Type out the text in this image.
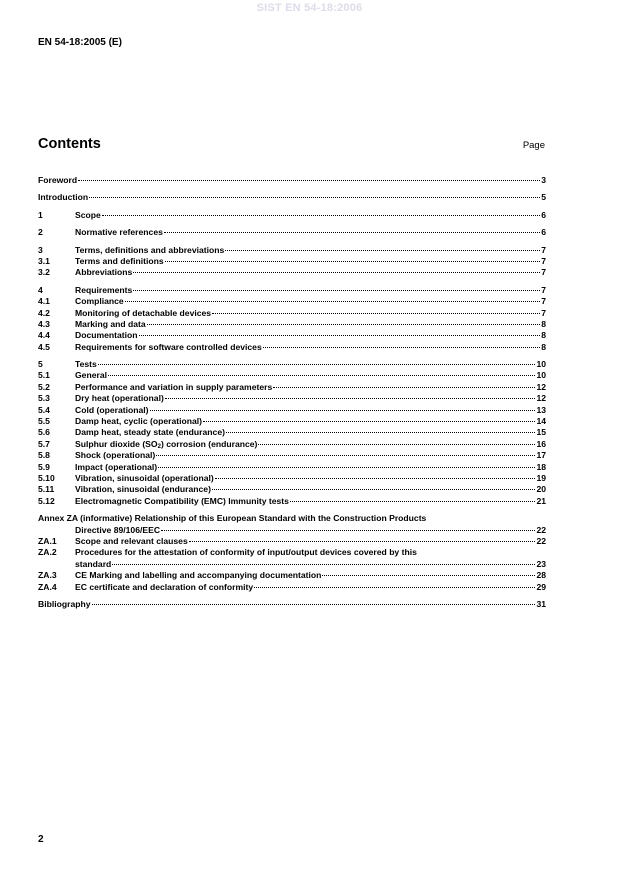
SIST EN 54-18:2006
EN 54-18:2005 (E)
Contents	Page
Foreword	3
Introduction	5
1	Scope	6
2	Normative references	6
3	Terms, definitions and abbreviations	7
3.1	Terms and definitions	7
3.2	Abbreviations	7
4	Requirements	7
4.1	Compliance	7
4.2	Monitoring of detachable devices	7
4.3	Marking and data	8
4.4	Documentation	8
4.5	Requirements for software controlled devices	8
5	Tests	10
5.1	General	10
5.2	Performance and variation in supply parameters	12
5.3	Dry heat (operational)	12
5.4	Cold (operational)	13
5.5	Damp heat, cyclic (operational)	14
5.6	Damp heat, steady state (endurance)	15
5.7	Sulphur dioxide $(SO_2)$ corrosion (endurance)	16
5.8	Shock (operational)	17
5.9	Impact (operational)	18
5.10	Vibration, sinusoidal (operational)	19
5.11	Vibration, sinusoidal (endurance)	20
5.12	Electromagnetic Compatibility (EMC) Immunity tests	21
Annex ZA (informative) Relationship of this European Standard with the Construction Products
Directive 89/106/EEC	22
ZA.1	Scope and relevant clauses	22
ZA.2	Procedures for the attestation of conformity of input/output devices covered by this
standard	23
ZA.3	CE Marking and labelling and accompanying documentation	28
ZA.4	EC certificate and declaration of conformity	29
Bibliography	31
2
